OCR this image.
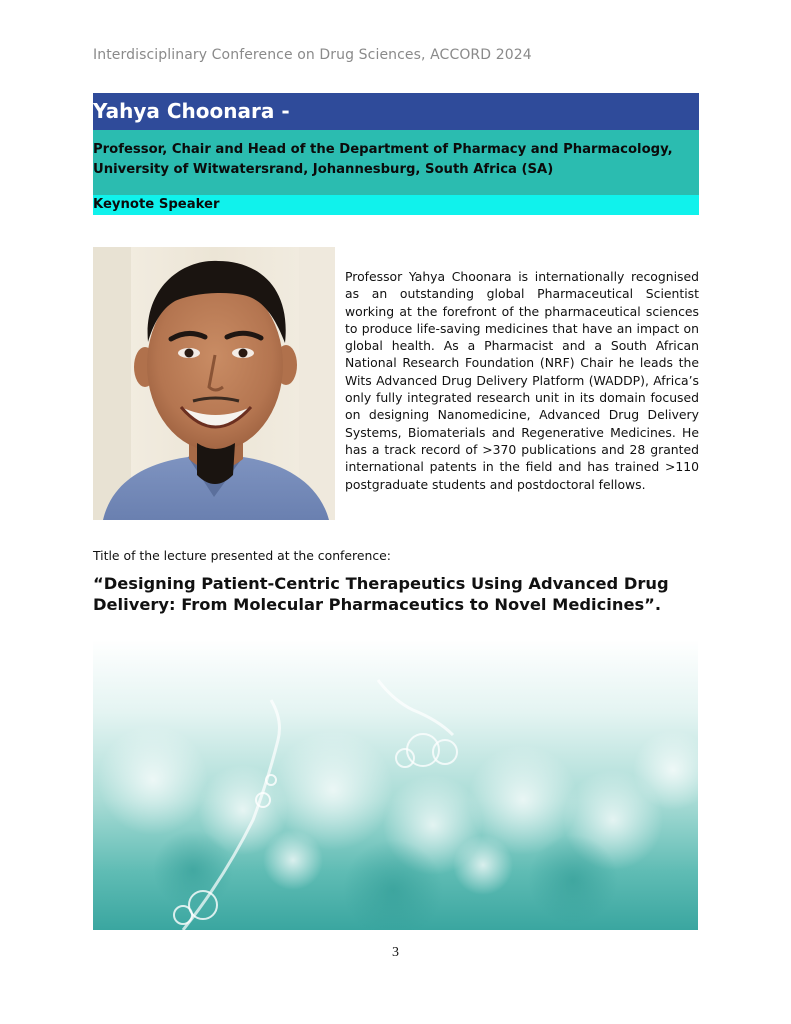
Interdisciplinary Conference on Drug Sciences, ACCORD 2024
Yahya Choonara -
Professor, Chair and Head of the Department of Pharmacy and Pharmacology, University of Witwatersrand, Johannesburg, South Africa (SA)
Keynote Speaker
Professor Yahya Choonara is internationally recognised as an outstanding global Pharmaceutical Scientist working at the forefront of the pharmaceutical sciences to produce life-saving medicines that have an impact on global health. As a Pharmacist and a South African National Research Foundation (NRF) Chair he leads the Wits Advanced Drug Delivery Platform (WADDP), Africa’s only fully integrated research unit in its domain focused on designing Nanomedicine, Advanced Drug Delivery Systems, Biomaterials and Regenerative Medicines. He has a track record of >370 publications and 28 granted international patents in the field and has trained >110 postgraduate students and postdoctoral fellows.
Title of the lecture presented at the conference:
“Designing Patient-Centric Therapeutics Using Advanced Drug Delivery: From Molecular Pharmaceutics to Novel Medicines”.
3
